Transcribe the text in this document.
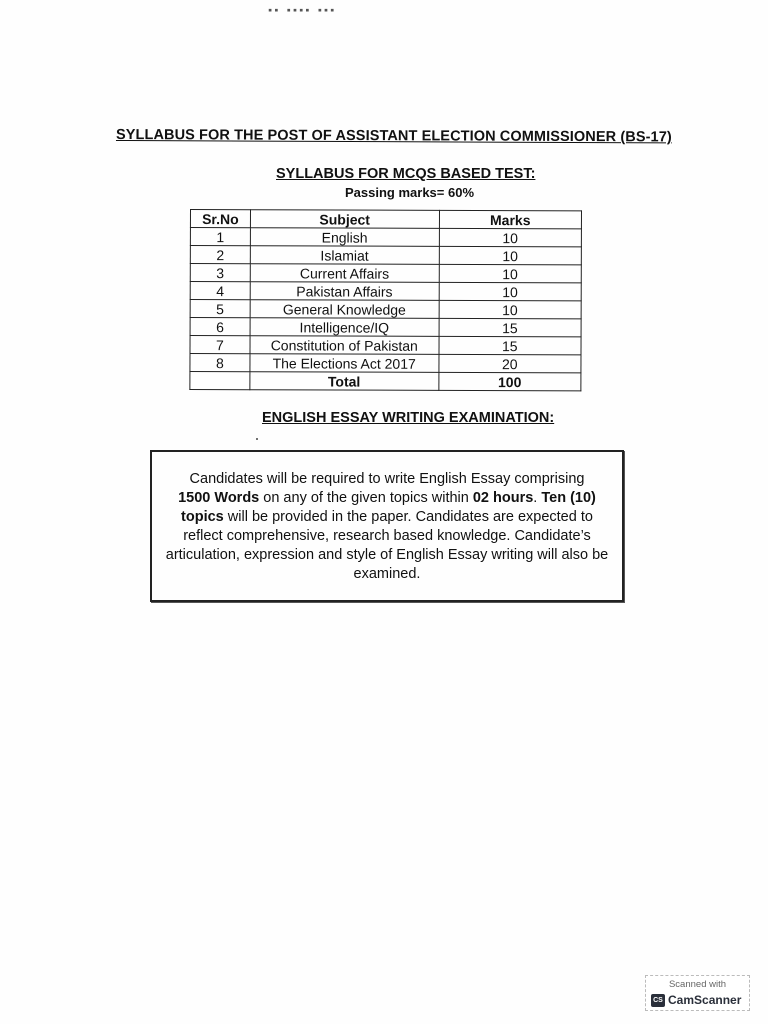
▪▪ ▪▪▪▪ ▪▪▪
SYLLABUS FOR THE POST OF ASSISTANT ELECTION COMMISSIONER (BS-17)
SYLLABUS FOR MCQS BASED TEST:
Passing marks= 60%
Sr.No	Subject	Marks
1	English	10
2	Islamiat	10
3	Current Affairs	10
4	Pakistan Affairs	10
5	General Knowledge	10
6	Intelligence/IQ	15
7	Constitution of Pakistan	15
8	The Elections Act 2017	20
	Total	100
ENGLISH ESSAY WRITING EXAMINATION:
Candidates will be required to write English Essay comprising
1500 Words on any of the given topics within 02 hours. Ten (10) topics will be provided in the paper. Candidates are expected to reflect comprehensive, research based knowledge. Candidate’s articulation, expression and style of English Essay writing will also be examined.
Scanned with
CS CamScanner
